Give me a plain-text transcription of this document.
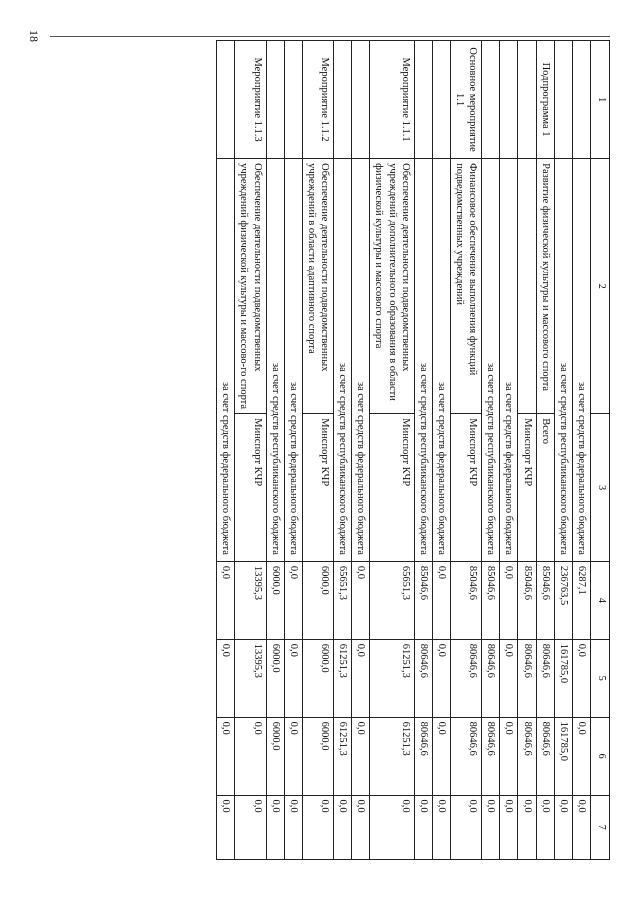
18
1	2	3	4	5	6	7
	за счет средств федерального бюджета		6287,1	0,0	0,0	0,0
	за счет средств республиканского бюджета		236763,5	161785,0	161785,0	0,0
Подпрограмма 1	Развитие физической культуры и массового спорта	Всего	85046,6	80646,6	80646,6	0,0
		Минспорт КЧР	85046,6	80646,6	80646,6	0,0
	за счет средств федерального бюджета		0,0	0,0	0,0	0,0
	за счет средств республиканского бюджета		85046,6	80646,6	80646,6	0,0
Основное мероприятие 1.1	Финансовое обеспечение выполнения функций подведомственных учреждений	Минспорт КЧР	85046,6	80646,6	80646,6	0,0
	за счет средств федерального бюджета		0,0	0,0	0,0	0,0
	за счет средств республиканского бюджета		85046,6	80646,6	80646,6	0,0
Мероприятие 1.1.1	Обеспечение деятельности подведомственных учреждений дополнительного образования в области физической культуры и массового спорта	Минспорт КЧР	65651,3	61251,3	61251,3	0,0
	за счет средств федерального бюджета		0,0	0,0	0,0	0,0
	за счет средств республиканского бюджета		65651,3	61251,3	61251,3	0,0
Мероприятие 1.1.2	Обеспечение деятельности подведомственных учреждений в области адаптивного спорта	Минспорт КЧР	6000,0	6000,0	6000,0	0,0
	за счет средств федерального бюджета		0,0	0,0	0,0	0,0
	за счет средств республиканского бюджета		6000,0	6000,0	6000,0	0,0
Мероприятие 1.1.3	Обеспечение деятельности подведомственных учреждений физической культуры и массово-го спорта	Минспорт КЧР	13395,3	13395,3	0,0	0,0
	за счет средств федерального бюджета		0,0	0,0	0,0	0,0
